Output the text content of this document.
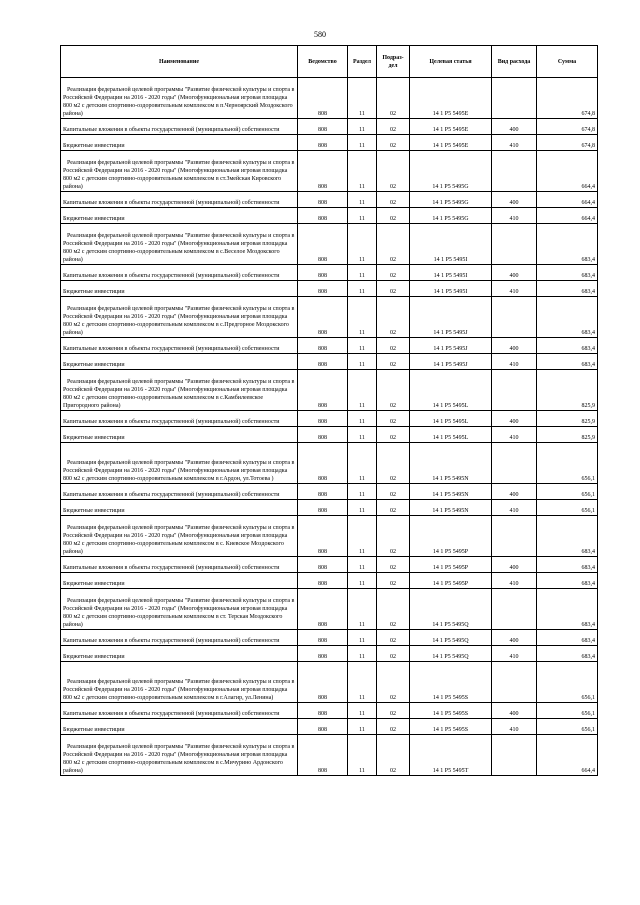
580
Наименование	Ведомство	Раздел	Подраз-дел	Целевая статья	Вид расхода	Сумма
Реализация федеральной целевой программы "Развитие физической культуры и спорта в Российской Федерации на 2016 - 2020 годы" (Многофункциональная игровая площадка 800 м2 с детским спортивно-оздоровительным комплексом в п.Черноярский Моздокского района)	808	11	02	14 1 P5 5495E		674,8
Капитальные вложения в объекты государственной (муниципальной) собственности	808	11	02	14 1 P5 5495E	400	674,8
Бюджетные инвестиции	808	11	02	14 1 P5 5495E	410	674,8
Реализация федеральной целевой программы "Развитие физической культуры и спорта в Российской Федерации на 2016 - 2020 годы" (Многофункциональная игровая площадка 800 м2 с детским спортивно-оздоровительным комплексом в ст.Змейская Кировского района)	808	11	02	14 1 P5 5495G		664,4
Капитальные вложения в объекты государственной (муниципальной) собственности	808	11	02	14 1 P5 5495G	400	664,4
Бюджетные инвестиции	808	11	02	14 1 P5 5495G	410	664,4
Реализация федеральной целевой программы "Развитие физической культуры и спорта в Российской Федерации на 2016 - 2020 годы" (Многофункциональная игровая площадка 800 м2 с детским спортивно-оздоровительным комплексом в с.Веселое Моздокского района)	808	11	02	14 1 P5 5495I		683,4
Капитальные вложения в объекты государственной (муниципальной) собственности	808	11	02	14 1 P5 5495I	400	683,4
Бюджетные инвестиции	808	11	02	14 1 P5 5495I	410	683,4
Реализация федеральной целевой программы "Развитие физической культуры и спорта в Российской Федерации на 2016 - 2020 годы" (Многофункциональная игровая площадка 800 м2 с детским спортивно-оздоровительным комплексом в с.Предгорное Моздокского района)	808	11	02	14 1 P5 5495J		683,4
Капитальные вложения в объекты государственной (муниципальной) собственности	808	11	02	14 1 P5 5495J	400	683,4
Бюджетные инвестиции	808	11	02	14 1 P5 5495J	410	683,4
Реализация федеральной целевой программы "Развитие физической культуры и спорта в Российской Федерации на 2016 - 2020 годы" (Многофункциональная игровая площадка 800 м2 с детским спортивно-оздоровительным комплексом в с.Камбилеевское Пригородного района)	808	11	02	14 1 P5 5495L		825,9
Капитальные вложения в объекты государственной (муниципальной) собственности	808	11	02	14 1 P5 5495L	400	825,9
Бюджетные инвестиции	808	11	02	14 1 P5 5495L	410	825,9
Реализация федеральной целевой программы "Развитие физической культуры и спорта в Российской Федерации на 2016 - 2020 годы" (Многофункциональная игровая площадка 800 м2 с детским спортивно-оздоровительным комплексом в г.Ардон, ул.Тотоева )	808	11	02	14 1 P5 5495N		656,1
Капитальные вложения в объекты государственной (муниципальной) собственности	808	11	02	14 1 P5 5495N	400	656,1
Бюджетные инвестиции	808	11	02	14 1 P5 5495N	410	656,1
Реализация федеральной целевой программы "Развитие физической культуры и спорта в Российской Федерации на 2016 - 2020 годы" (Многофункциональная игровая площадка 800 м2 с детским спортивно-оздоровительным комплексом в с. Киевское Моздокского района)	808	11	02	14 1 P5 5495P		683,4
Капитальные вложения в объекты государственной (муниципальной) собственности	808	11	02	14 1 P5 5495P	400	683,4
Бюджетные инвестиции	808	11	02	14 1 P5 5495P	410	683,4
Реализация федеральной целевой программы "Развитие физической культуры и спорта в Российской Федерации на 2016 - 2020 годы" (Многофункциональная игровая площадка 800 м2 с детским спортивно-оздоровительным комплексом в ст. Терская Моздокского района)	808	11	02	14 1 P5 5495Q		683,4
Капитальные вложения в объекты государственной (муниципальной) собственности	808	11	02	14 1 P5 5495Q	400	683,4
Бюджетные инвестиции	808	11	02	14 1 P5 5495Q	410	683,4
Реализация федеральной целевой программы "Развитие физической культуры и спорта в Российской Федерации на 2016 - 2020 годы" (Многофункциональная игровая площадка 800 м2 с детским спортивно-оздоровительным комплексом в г.Алагир, ул.Ленина)	808	11	02	14 1 P5 5495S		656,1
Капитальные вложения в объекты государственной (муниципальной) собственности	808	11	02	14 1 P5 5495S	400	656,1
Бюджетные инвестиции	808	11	02	14 1 P5 5495S	410	656,1
Реализация федеральной целевой программы "Развитие физической культуры и спорта в Российской Федерации на 2016 - 2020 годы" (Многофункциональная игровая площадка 800 м2 с детским спортивно-оздоровительным комплексом в с.Мичурино Ардонского района)	808	11	02	14 1 P5 5495T		664,4
